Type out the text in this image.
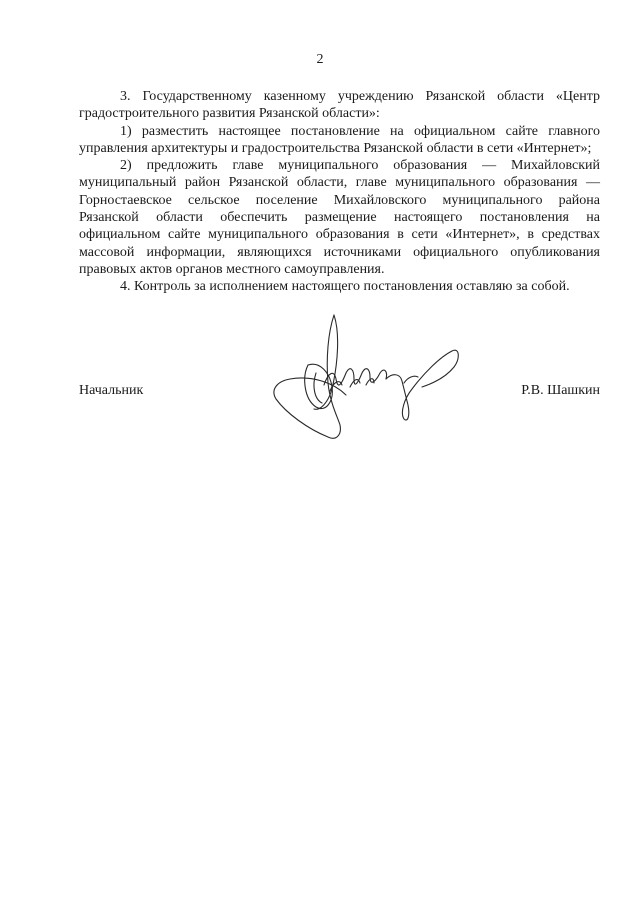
2

3. Государственному казенному учреждению Рязанской области «Центр градостроительного развития Рязанской области»:

1) разместить настоящее постановление на официальном сайте главного управления архитектуры и градостроительства Рязанской области в сети «Интернет»;

2) предложить главе муниципального образования — Михайловский муниципальный район Рязанской области, главе муниципального образования — Горностаевское сельское поселение Михайловского муниципального района Рязанской области обеспечить размещение настоящего постановления на официальном сайте муниципального образования в сети «Интернет», в средствах массовой информации, являющихся источниками официального опубликования правовых актов органов местного самоуправления.

4. Контроль за исполнением настоящего постановления оставляю за собой.

Начальник	Р.В. Шашкин
